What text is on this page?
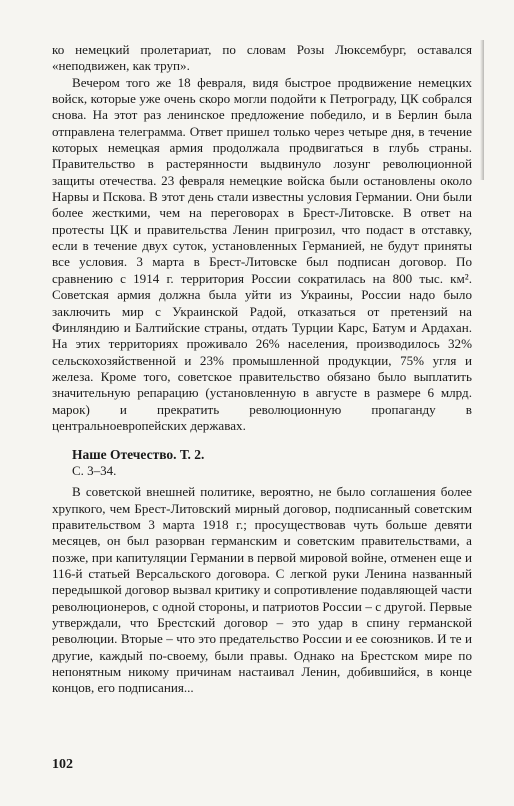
ко немецкий пролетариат, по словам Розы Люксембург, оставался «неподвижен, как труп».

Вечером того же 18 февраля, видя быстрое продвижение немецких войск, которые уже очень скоро могли подойти к Петрограду, ЦК собрался снова. На этот раз ленинское предложение победило, и в Берлин была отправлена телеграмма. Ответ пришел только через четыре дня, в течение которых немецкая армия продолжала продвигаться в глубь страны. Правительство в растерянности выдвинуло лозунг революционной защиты отечества. 23 февраля немецкие войска были остановлены около Нарвы и Пскова. В этот день стали известны условия Германии. Они были более жесткими, чем на переговорах в Брест-Литовске. В ответ на протесты ЦК и правительства Ленин пригрозил, что подаст в отставку, если в течение двух суток, установленных Германией, не будут приняты все условия. 3 марта в Брест-Литовске был подписан договор. По сравнению с 1914 г. территория России сократилась на 800 тыс. км². Советская армия должна была уйти из Украины, России надо было заключить мир с Украинской Радой, отказаться от претензий на Финляндию и Балтийские страны, отдать Турции Карс, Батум и Ардахан. На этих территориях проживало 26% населения, производилось 32% сельскохозяйственной и 23% промышленной продукции, 75% угля и железа. Кроме того, советское правительство обязано было выплатить значительную репарацию (установленную в августе в размере 6 млрд. марок) и прекратить революционную пропаганду в центральноевропейских державах.

Наше Отечество. Т. 2.

С. 3–34.

В советской внешней политике, вероятно, не было соглашения более хрупкого, чем Брест-Литовский мирный договор, подписанный советским правительством 3 марта 1918 г.; просуществовав чуть больше девяти месяцев, он был разорван германским и советским правительствами, а позже, при капитуляции Германии в первой мировой войне, отменен еще и 116-й статьей Версальского договора. С легкой руки Ленина названный передышкой договор вызвал критику и сопротивление подавляющей части революционеров, с одной стороны, и патриотов России – с другой. Первые утверждали, что Брестский договор – это удар в спину германской революции. Вторые – что это предательство России и ее союзников. И те и другие, каждый по-своему, были правы. Однако на Брестском мире по непонятным никому причинам настаивал Ленин, добившийся, в конце концов, его подписания...

102
